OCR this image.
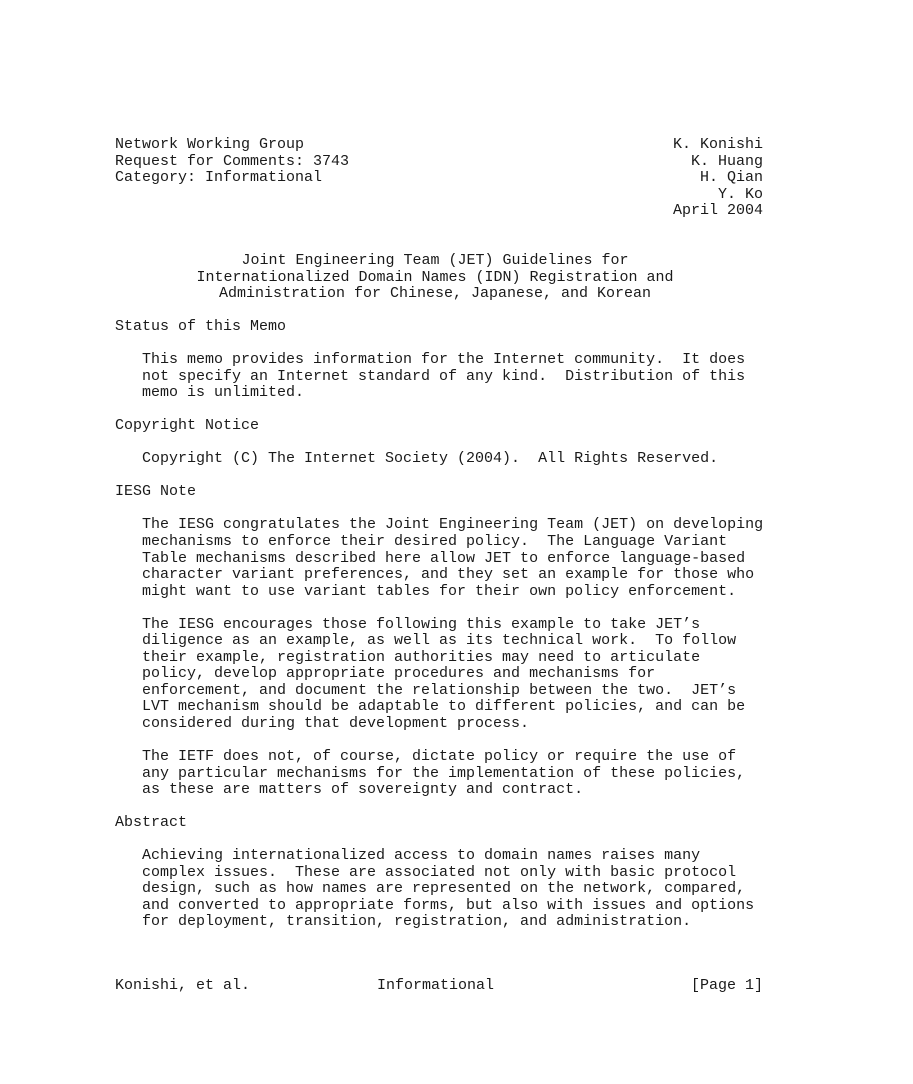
Network Working Group
Request for Comments: 3743
Category: Informational
K. Konishi
K. Huang
H. Qian
Y. Ko
April 2004
Joint Engineering Team (JET) Guidelines for
Internationalized Domain Names (IDN) Registration and
Administration for Chinese, Japanese, and Korean
Status of this Memo
This memo provides information for the Internet community.  It does
not specify an Internet standard of any kind.  Distribution of this
memo is unlimited.
Copyright Notice
Copyright (C) The Internet Society (2004).  All Rights Reserved.
IESG Note
The IESG congratulates the Joint Engineering Team (JET) on developing
mechanisms to enforce their desired policy.  The Language Variant
Table mechanisms described here allow JET to enforce language-based
character variant preferences, and they set an example for those who
might want to use variant tables for their own policy enforcement.
The IESG encourages those following this example to take JET’s
diligence as an example, as well as its technical work.  To follow
their example, registration authorities may need to articulate
policy, develop appropriate procedures and mechanisms for
enforcement, and document the relationship between the two.  JET’s
LVT mechanism should be adaptable to different policies, and can be
considered during that development process.
The IETF does not, of course, dictate policy or require the use of
any particular mechanisms for the implementation of these policies,
as these are matters of sovereignty and contract.
Abstract
Achieving internationalized access to domain names raises many
complex issues.  These are associated not only with basic protocol
design, such as how names are represented on the network, compared,
and converted to appropriate forms, but also with issues and options
for deployment, transition, registration, and administration.
Konishi, et al.	Informational	[Page 1]
